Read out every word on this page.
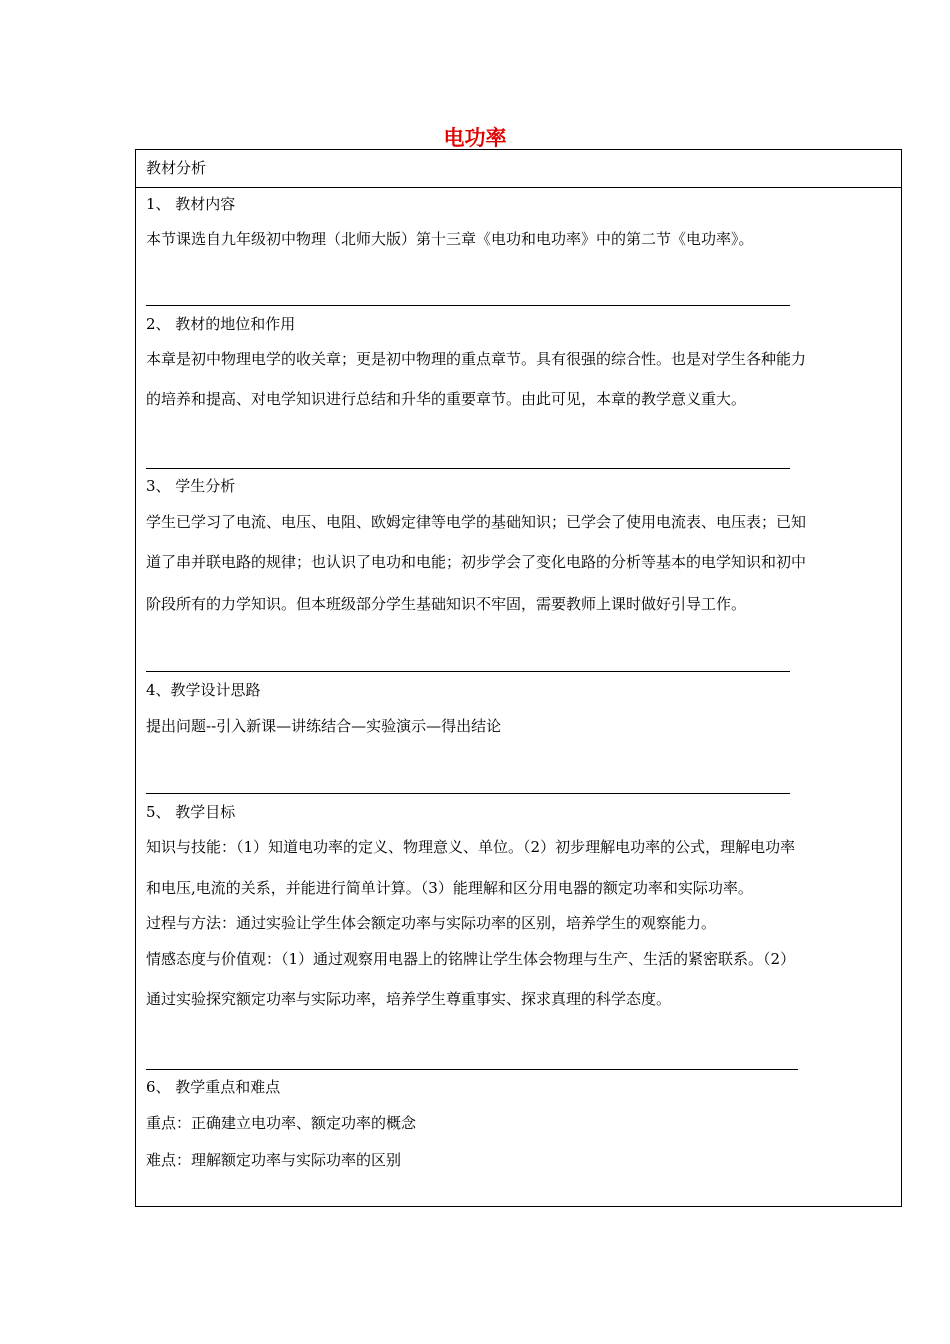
电功率
教材分析
1、 教材内容
本节课选自九年级初中物理（北师大版）第十三章《电功和电功率》中的第二节《电功率》。
2、 教材的地位和作用
本章是初中物理电学的收关章；更是初中物理的重点章节。具有很强的综合性。也是对学生各种能力
的培养和提高、对电学知识进行总结和升华的重要章节。由此可见，本章的教学意义重大。
3、 学生分析
学生已学习了电流、电压、电阻、欧姆定律等电学的基础知识；已学会了使用电流表、电压表；已知
道了串并联电路的规律；也认识了电功和电能；初步学会了变化电路的分析等基本的电学知识和初中
阶段所有的力学知识。但本班级部分学生基础知识不牢固，需要教师上课时做好引导工作。
4、教学设计思路
提出问题--引入新课—讲练结合—实验演示—得出结论
5、 教学目标
知识与技能：（1）知道电功率的定义、物理意义、单位。（2）初步理解电功率的公式，理解电功率
和电压,电流的关系，并能进行简单计算。（3）能理解和区分用电器的额定功率和实际功率。
过程与方法：通过实验让学生体会额定功率与实际功率的区别，培养学生的观察能力。
情感态度与价值观：（1）通过观察用电器上的铭牌让学生体会物理与生产、生活的紧密联系。（2）
通过实验探究额定功率与实际功率，培养学生尊重事实、探求真理的科学态度。
6、 教学重点和难点
重点：正确建立电功率、额定功率的概念
难点：理解额定功率与实际功率的区别
